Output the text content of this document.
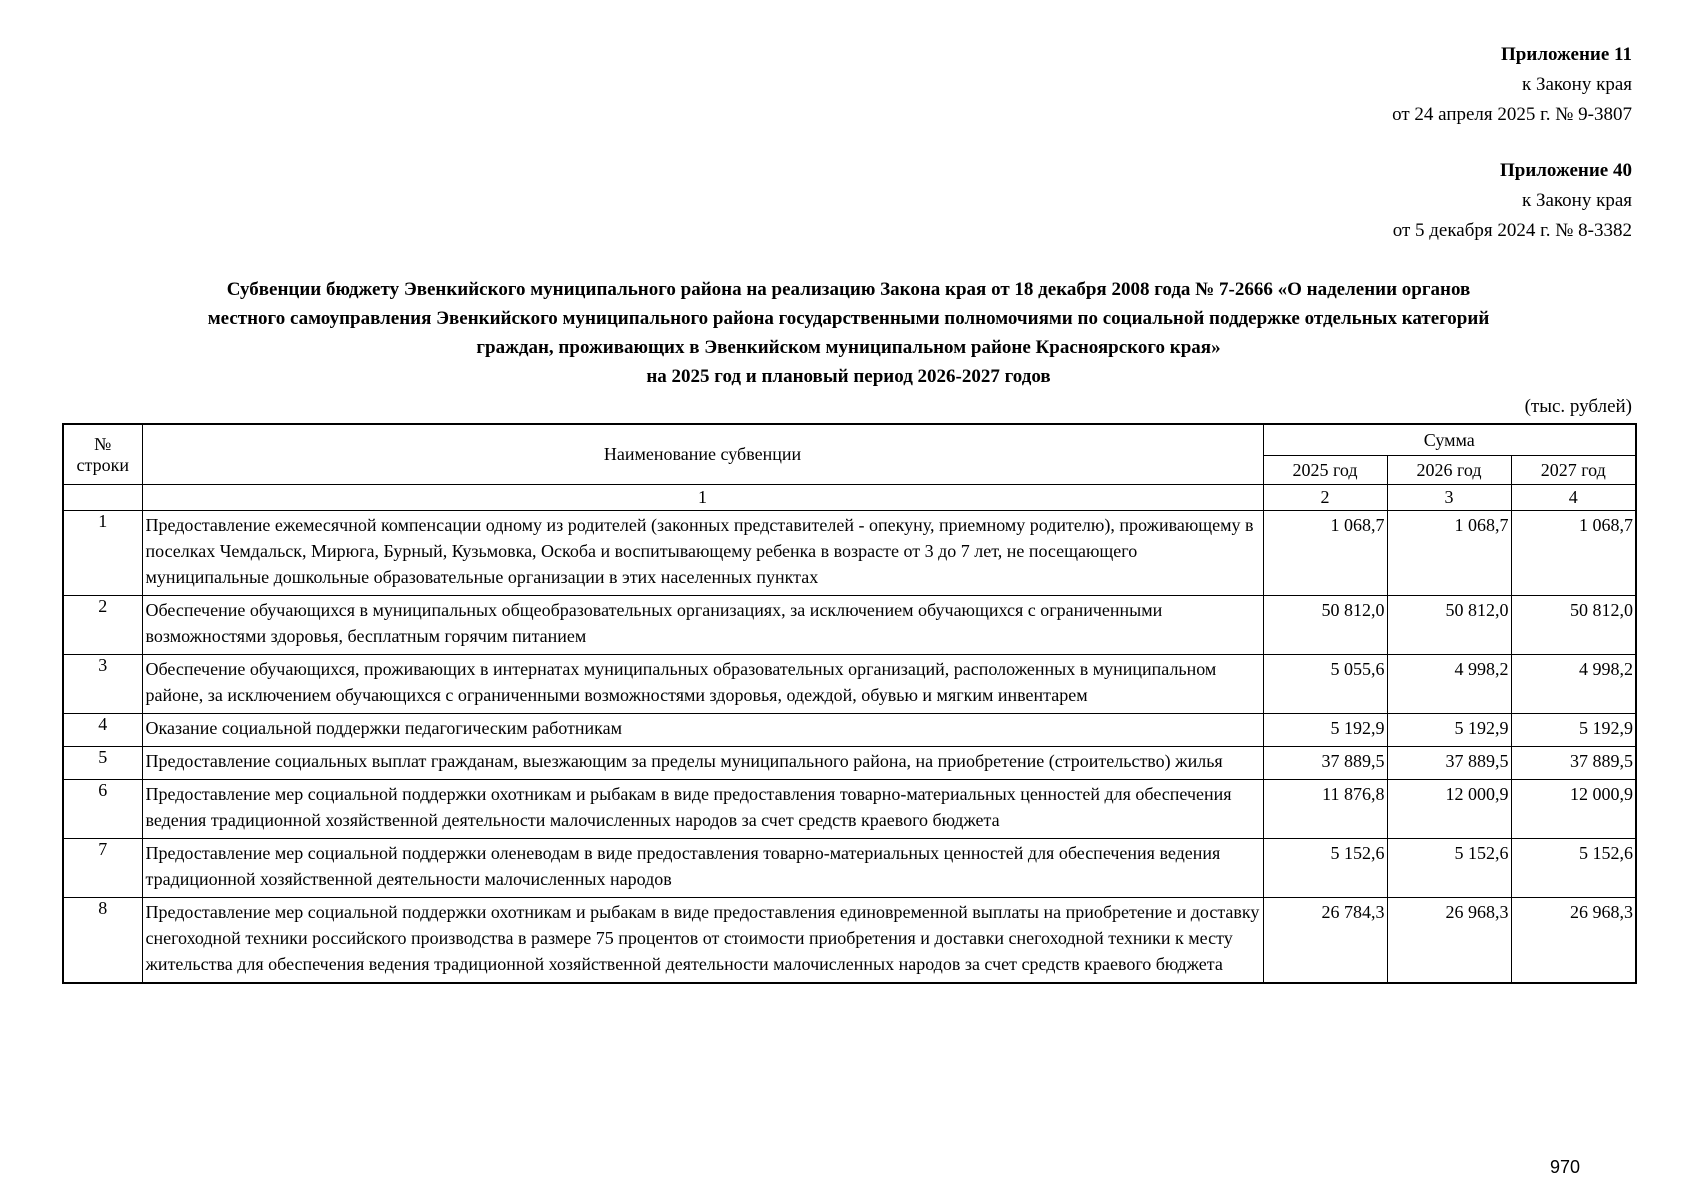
Приложение 11
к Закону края
от 24 апреля 2025 г. № 9-3807
Приложение 40
к Закону края
от 5 декабря 2024 г. № 8-3382
Субвенции бюджету Эвенкийского муниципального района на реализацию Закона края от 18 декабря 2008 года № 7-2666 «О наделении органов
местного самоуправления Эвенкийского муниципального района государственными полномочиями по социальной поддержке отдельных категорий
граждан, проживающих в Эвенкийском муниципальном районе Красноярского края»
на 2025 год и плановый период 2026-2027 годов
(тыс. рублей)
№
строки	Наименование субвенции	Сумма		
		2025 год	2026 год	2027 год
	1	2	3	4
1	Предоставление ежемесячной компенсации одному из родителей (законных представителей - опекуну, приемному родителю), проживающему в поселках Чемдальск, Мирюга, Бурный, Кузьмовка, Оскоба и воспитывающему ребенка в возрасте от 3 до 7 лет, не посещающего муниципальные дошкольные образовательные организации в этих населенных пунктах	1 068,7	1 068,7	1 068,7
2	Обеспечение обучающихся в муниципальных общеобразовательных организациях, за исключением обучающихся с ограниченными возможностями здоровья, бесплатным горячим питанием	50 812,0	50 812,0	50 812,0
3	Обеспечение обучающихся, проживающих в интернатах муниципальных образовательных организаций, расположенных в муниципальном районе, за исключением обучающихся с ограниченными возможностями здоровья, одеждой, обувью и мягким инвентарем	5 055,6	4 998,2	4 998,2
4	Оказание социальной поддержки педагогическим работникам	5 192,9	5 192,9	5 192,9
5	Предоставление социальных выплат гражданам, выезжающим за пределы муниципального района, на приобретение (строительство) жилья	37 889,5	37 889,5	37 889,5
6	Предоставление мер социальной поддержки охотникам и рыбакам в виде предоставления товарно-материальных ценностей для обеспечения ведения традиционной хозяйственной деятельности малочисленных народов за счет средств краевого бюджета	11 876,8	12 000,9	12 000,9
7	Предоставление мер социальной поддержки оленеводам в виде предоставления товарно-материальных ценностей для обеспечения ведения традиционной хозяйственной деятельности малочисленных народов	5 152,6	5 152,6	5 152,6
8	Предоставление мер социальной поддержки охотникам и рыбакам в виде предоставления единовременной выплаты на приобретение и доставку снегоходной техники российского производства в размере 75 процентов от стоимости приобретения и доставки снегоходной техники к месту жительства для обеспечения ведения традиционной хозяйственной деятельности малочисленных народов за счет средств краевого бюджета	26 784,3	26 968,3	26 968,3
970
